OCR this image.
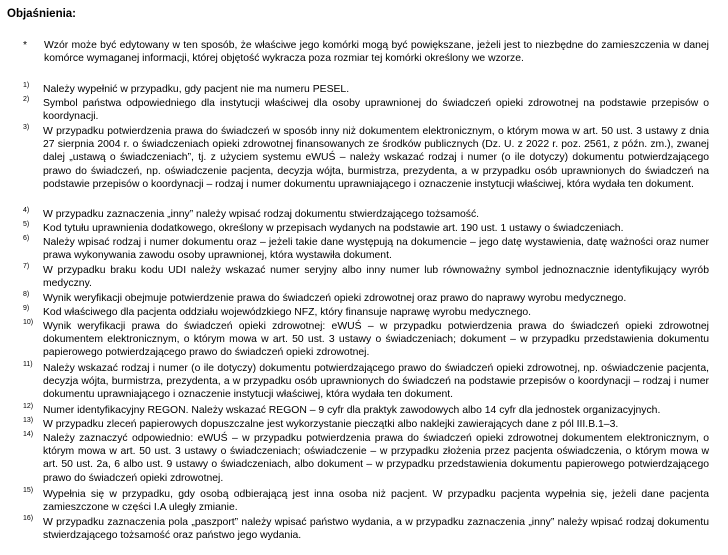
Objaśnienia:
*	Wzór może być edytowany w ten sposób, że właściwe jego komórki mogą być powiększane, jeżeli jest to niezbędne do zamieszczenia w danej komórce wymaganej informacji, której objętość wykracza poza rozmiar tej komórki określony we wzorze.
1) Należy wypełnić w przypadku, gdy pacjent nie ma numeru PESEL.
2) Symbol państwa odpowiedniego dla instytucji właściwej dla osoby uprawnionej do świadczeń opieki zdrowotnej na podstawie przepisów o koordynacji.
3) W przypadku potwierdzenia prawa do świadczeń w sposób inny niż dokumentem elektronicznym, o którym mowa w art. 50 ust. 3 ustawy z dnia 27 sierpnia 2004 r. o świadczeniach opieki zdrowotnej finansowanych ze środków publicznych (Dz. U. z 2022 r. poz. 2561, z późn. zm.), zwanej dalej „ustawą o świadczeniach”, tj. z użyciem systemu eWUŚ – należy wskazać rodzaj i numer (o ile dotyczy) dokumentu potwierdzającego prawo do świadczeń, np. oświadczenie pacjenta, decyzja wójta, burmistrza, prezydenta, a w przypadku osób uprawnionych do świadczeń na podstawie przepisów o koordynacji – rodzaj i numer dokumentu uprawniającego i oznaczenie instytucji właściwej, która wydała ten dokument.
4) W przypadku zaznaczenia „inny” należy wpisać rodzaj dokumentu stwierdzającego tożsamość.
5) Kod tytułu uprawnienia dodatkowego, określony w przepisach wydanych na podstawie art. 190 ust. 1 ustawy o świadczeniach.
6) Należy wpisać rodzaj i numer dokumentu oraz – jeżeli takie dane występują na dokumencie – jego datę wystawienia, datę ważności oraz numer prawa wykonywania zawodu osoby uprawnionej, która wystawiła dokument.
7) W przypadku braku kodu UDI należy wskazać numer seryjny albo inny numer lub równoważny symbol jednoznacznie identyfikujący wyrób medyczny.
8) Wynik weryfikacji obejmuje potwierdzenie prawa do świadczeń opieki zdrowotnej oraz prawo do naprawy wyrobu medycznego.
9) Kod właściwego dla pacjenta oddziału wojewódzkiego NFZ, który finansuje naprawę wyrobu medycznego.
10) Wynik weryfikacji prawa do świadczeń opieki zdrowotnej: eWUŚ – w przypadku potwierdzenia prawa do świadczeń opieki zdrowotnej dokumentem elektronicznym, o którym mowa w art. 50 ust. 3 ustawy o świadczeniach; dokument – w przypadku przedstawienia dokumentu papierowego potwierdzającego prawo do świadczeń opieki zdrowotnej.
11) Należy wskazać rodzaj i numer (o ile dotyczy) dokumentu potwierdzającego prawo do świadczeń opieki zdrowotnej, np. oświadczenie pacjenta, decyzja wójta, burmistrza, prezydenta, a w przypadku osób uprawnionych do świadczeń na podstawie przepisów o koordynacji – rodzaj i numer dokumentu uprawniającego i oznaczenie instytucji właściwej, która wydała ten dokument.
12) Numer identyfikacyjny REGON. Należy wskazać REGON – 9 cyfr dla praktyk zawodowych albo 14 cyfr dla jednostek organizacyjnych.
13) W przypadku zleceń papierowych dopuszczalne jest wykorzystanie pieczątki albo naklejki zawierających dane z pól III.B.1–3.
14) Należy zaznaczyć odpowiednio: eWUŚ – w przypadku potwierdzenia prawa do świadczeń opieki zdrowotnej dokumentem elektronicznym, o którym mowa w art. 50 ust. 3 ustawy o świadczeniach; oświadczenie – w przypadku złożenia przez pacjenta oświadczenia, o którym mowa w art. 50 ust. 2a, 6 albo ust. 9 ustawy o świadczeniach, albo dokument – w przypadku przedstawienia dokumentu papierowego potwierdzającego prawo do świadczeń opieki zdrowotnej.
15) Wypełnia się w przypadku, gdy osobą odbierającą jest inna osoba niż pacjent. W przypadku pacjenta wypełnia się, jeżeli dane pacjenta zamieszczone w części I.A uległy zmianie.
16) W przypadku zaznaczenia pola „paszport” należy wpisać państwo wydania, a w przypadku zaznaczenia „inny” należy wpisać rodzaj dokumentu stwierdzającego tożsamość oraz państwo jego wydania.
